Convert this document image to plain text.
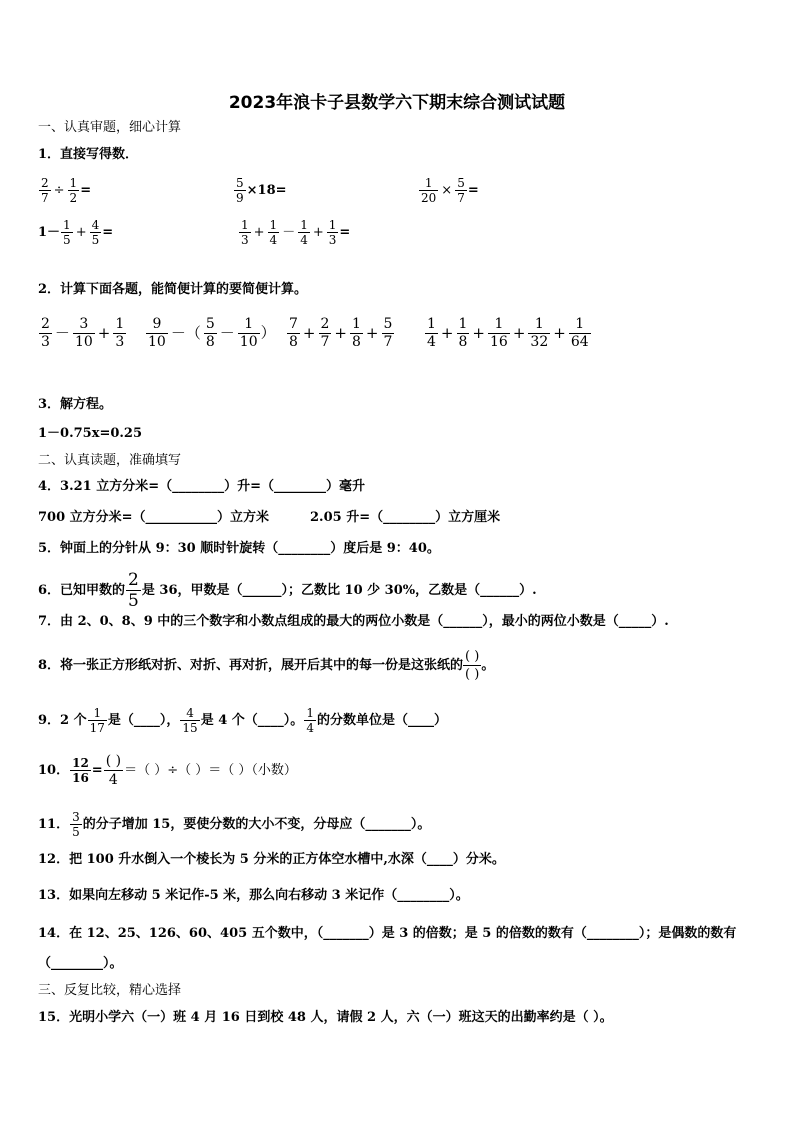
2023年浪卡子县数学六下期末综合测试试题
一、认真审题，细心计算
1．直接写得数．
$\frac{2}{7} \div \frac{1}{2}$ =	$\frac{5}{9} \times 18=$	$\frac{1}{20} \times \frac{5}{7}$ =
$1- \frac{1}{5} + \frac{4}{5}$ =	$\frac{1}{3} + \frac{1}{4} - \frac{1}{4} + \frac{1}{3}$ =
2．计算下面各题，能简便计算的要简便计算。
$\frac{2}{3} - \frac{3}{10} + \frac{1}{3} \frac{9}{10}$ －（ $\frac{5}{8} - \frac{1}{10}$ ） $\frac{7}{8} + \frac{2}{7} + \frac{1}{8} + \frac{5}{7} \frac{1}{4} + \frac{1}{8} + \frac{1}{16} + \frac{1}{32} + \frac{1}{64}$
3．解方程。
1－0.75x=0.25
二、认真读题，准确填写
4．3.21 立方分米=（________）升=（________）毫升
700 立方分米=（___________）立方米	2.05 升=（________）立方厘米
5．钟面上的分针从 9：30 顺时针旋转（________）度后是 9：40。
6．已知甲数的 $\frac{2}{5}$ 是 36，甲数是（______）；乙数比 10 少 30%，乙数是（______）.
7．由 2、0、8、9 中的三个数字和小数点组成的最大的两位小数是（______），最小的两位小数是（_____）.
8．将一张正方形纸对折、对折、再对折，展开后其中的每一份是这张纸的
( )
( )。
9．2 个 $\frac{1}{17}$ 是（____）， $\frac{4}{15}$ 是 4 个（____）。 $\frac{1}{4}$ 的分数单位是（____）
10． $\frac{12}{16}$ =
( )
4
＝（ ）÷（ ）＝（ ）（小数）
11． $\frac{3}{5}$ 的分子增加 15，要使分数的大小不变，分母应（_______）。
12．把 100 升水倒入一个棱长为 5 分米的正方体空水槽中,水深（____）分米。
13．如果向左移动 5 米记作-5 米，那么向右移动 3 米记作（________）。
14．在 12、25、126、60、405 五个数中，（_______）是 3 的倍数；是 5 的倍数的数有（________）；是偶数的数有
（________）。
三、反复比较，精心选择
15．光明小学六（一）班 4 月 16 日到校 48 人，请假 2 人，六（一）班这天的出勤率约是（ ）。
